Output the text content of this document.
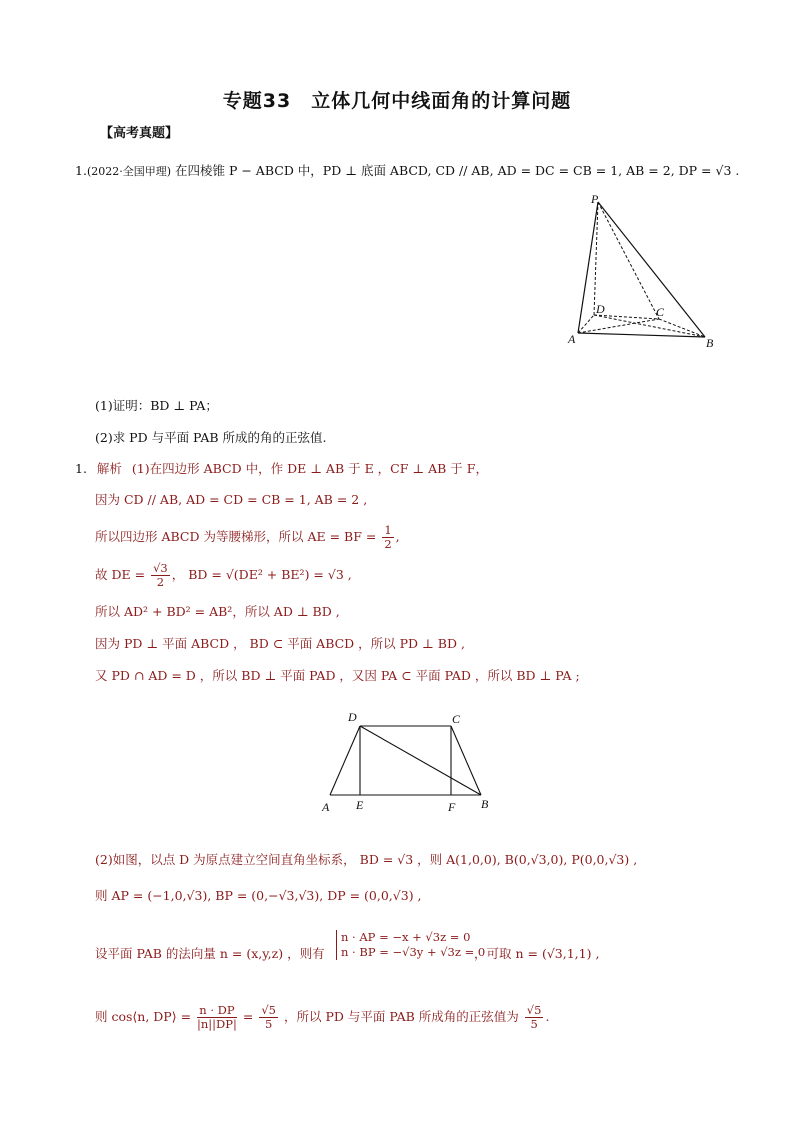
专题33　立体几何中线面角的计算问题
【高考真题】
1.(2022·全国甲理) 在四棱锥 P − ABCD 中，PD ⊥ 底面 ABCD, CD // AB, AD = DC = CB = 1, AB = 2, DP = √3 .
P
D	C
A	B
(1)证明：BD ⊥ PA；
(2)求 PD 与平面 PAB 所成的角的正弦值.
1. 解析 (1)在四边形 ABCD 中，作 DE ⊥ AB 于 E ，CF ⊥ AB 于 F，
因为 CD // AB, AD = CD = CB = 1, AB = 2 ,
所以四边形 ABCD 为等腰梯形，所以 AE = BF = $\frac{1}{2}$ ,
故 DE = $\frac{√3}{2}$ ， BD = √(DE² + BE²) = √3 ,
所以 AD² + BD² = AB²，所以 AD ⊥ BD ,
因为 PD ⊥ 平面 ABCD ， BD ⊂ 平面 ABCD ，所以 PD ⊥ BD ,
又 PD ∩ AD = D ，所以 BD ⊥ 平面 PAD ，又因 PA ⊂ 平面 PAD ，所以 BD ⊥ PA ;
D	C
A E	F B
(2)如图，以点 D 为原点建立空间直角坐标系， BD = √3 ，则 A(1,0,0), B(0,√3,0), P(0,0,√3) ,
则 AP = (−1,0,√3), BP = (0,−√3,√3), DP = (0,0,√3) ,
设平面 PAB 的法向量 n = (x,y,z) ，则有
n · AP = −x + √3z = 0
n · BP = −√3y + √3z = 0
，可取 n = (√3,1,1) ,
则 cos⟨n, DP⟩ = $\frac{n \cdot DP}{|n||DP|} = \frac{√5}{5}$ ，所以 PD 与平面 PAB 所成角的正弦值为 $\frac{√5}{5}$ .
